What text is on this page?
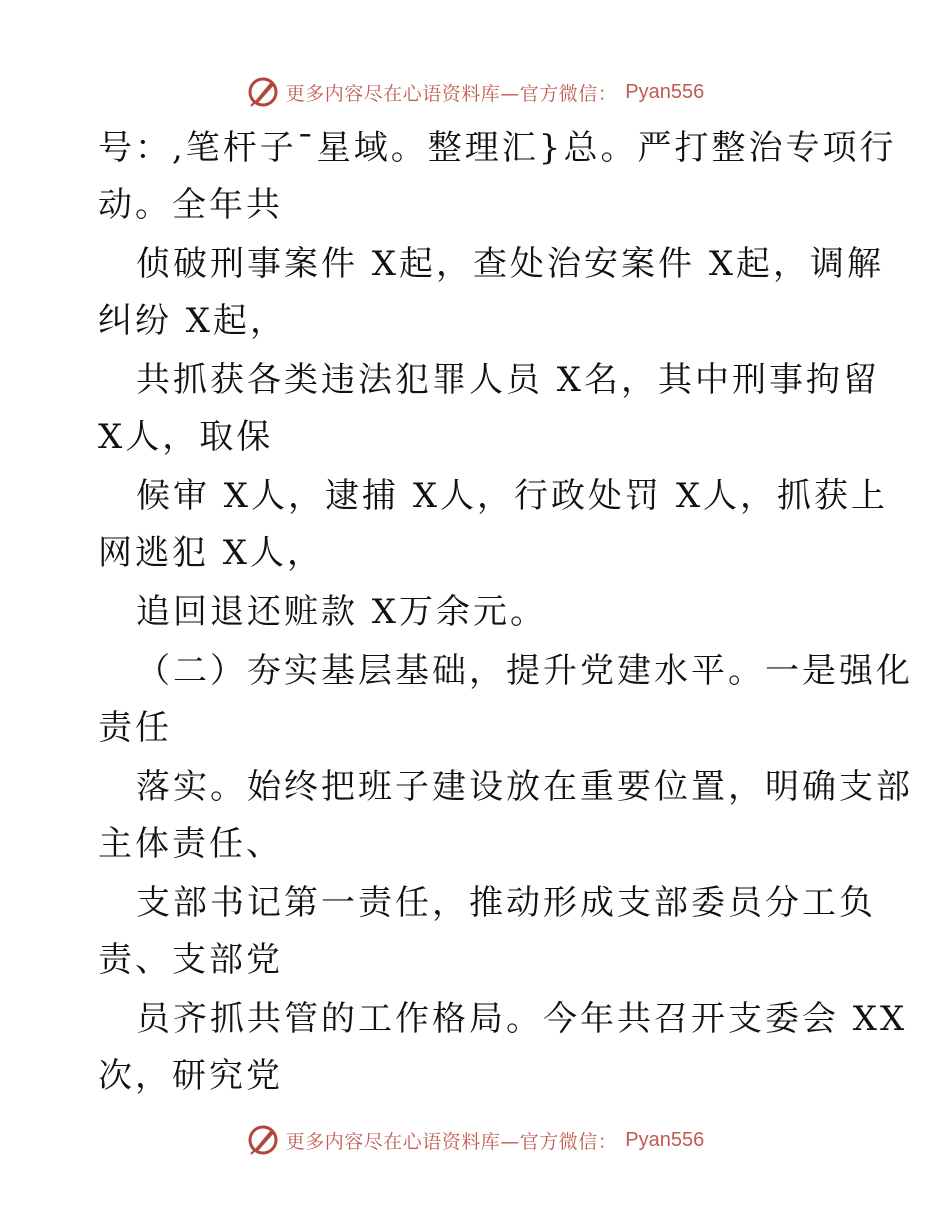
更多内容尽在心语资料库—官方微信： Pyan556
号：,笔杆子¯星域。整理汇}总。严打整治专项行
动。全年共
侦破刑事案件 X起，查处治安案件 X起，调解
纠纷 X起，
共抓获各类违法犯罪人员 X名，其中刑事拘留
X人，取保
候审 X人，逮捕 X人，行政处罚 X人，抓获上
网逃犯 X人，
追回退还赃款 X万余元。
（二）夯实基层基础，提升党建水平。一是强化
责任
落实。始终把班子建设放在重要位置，明确支部
主体责任、
支部书记第一责任，推动形成支部委员分工负
责、支部党
员齐抓共管的工作格局。今年共召开支委会 XX
次，研究党
更多内容尽在心语资料库—官方微信： Pyan556
